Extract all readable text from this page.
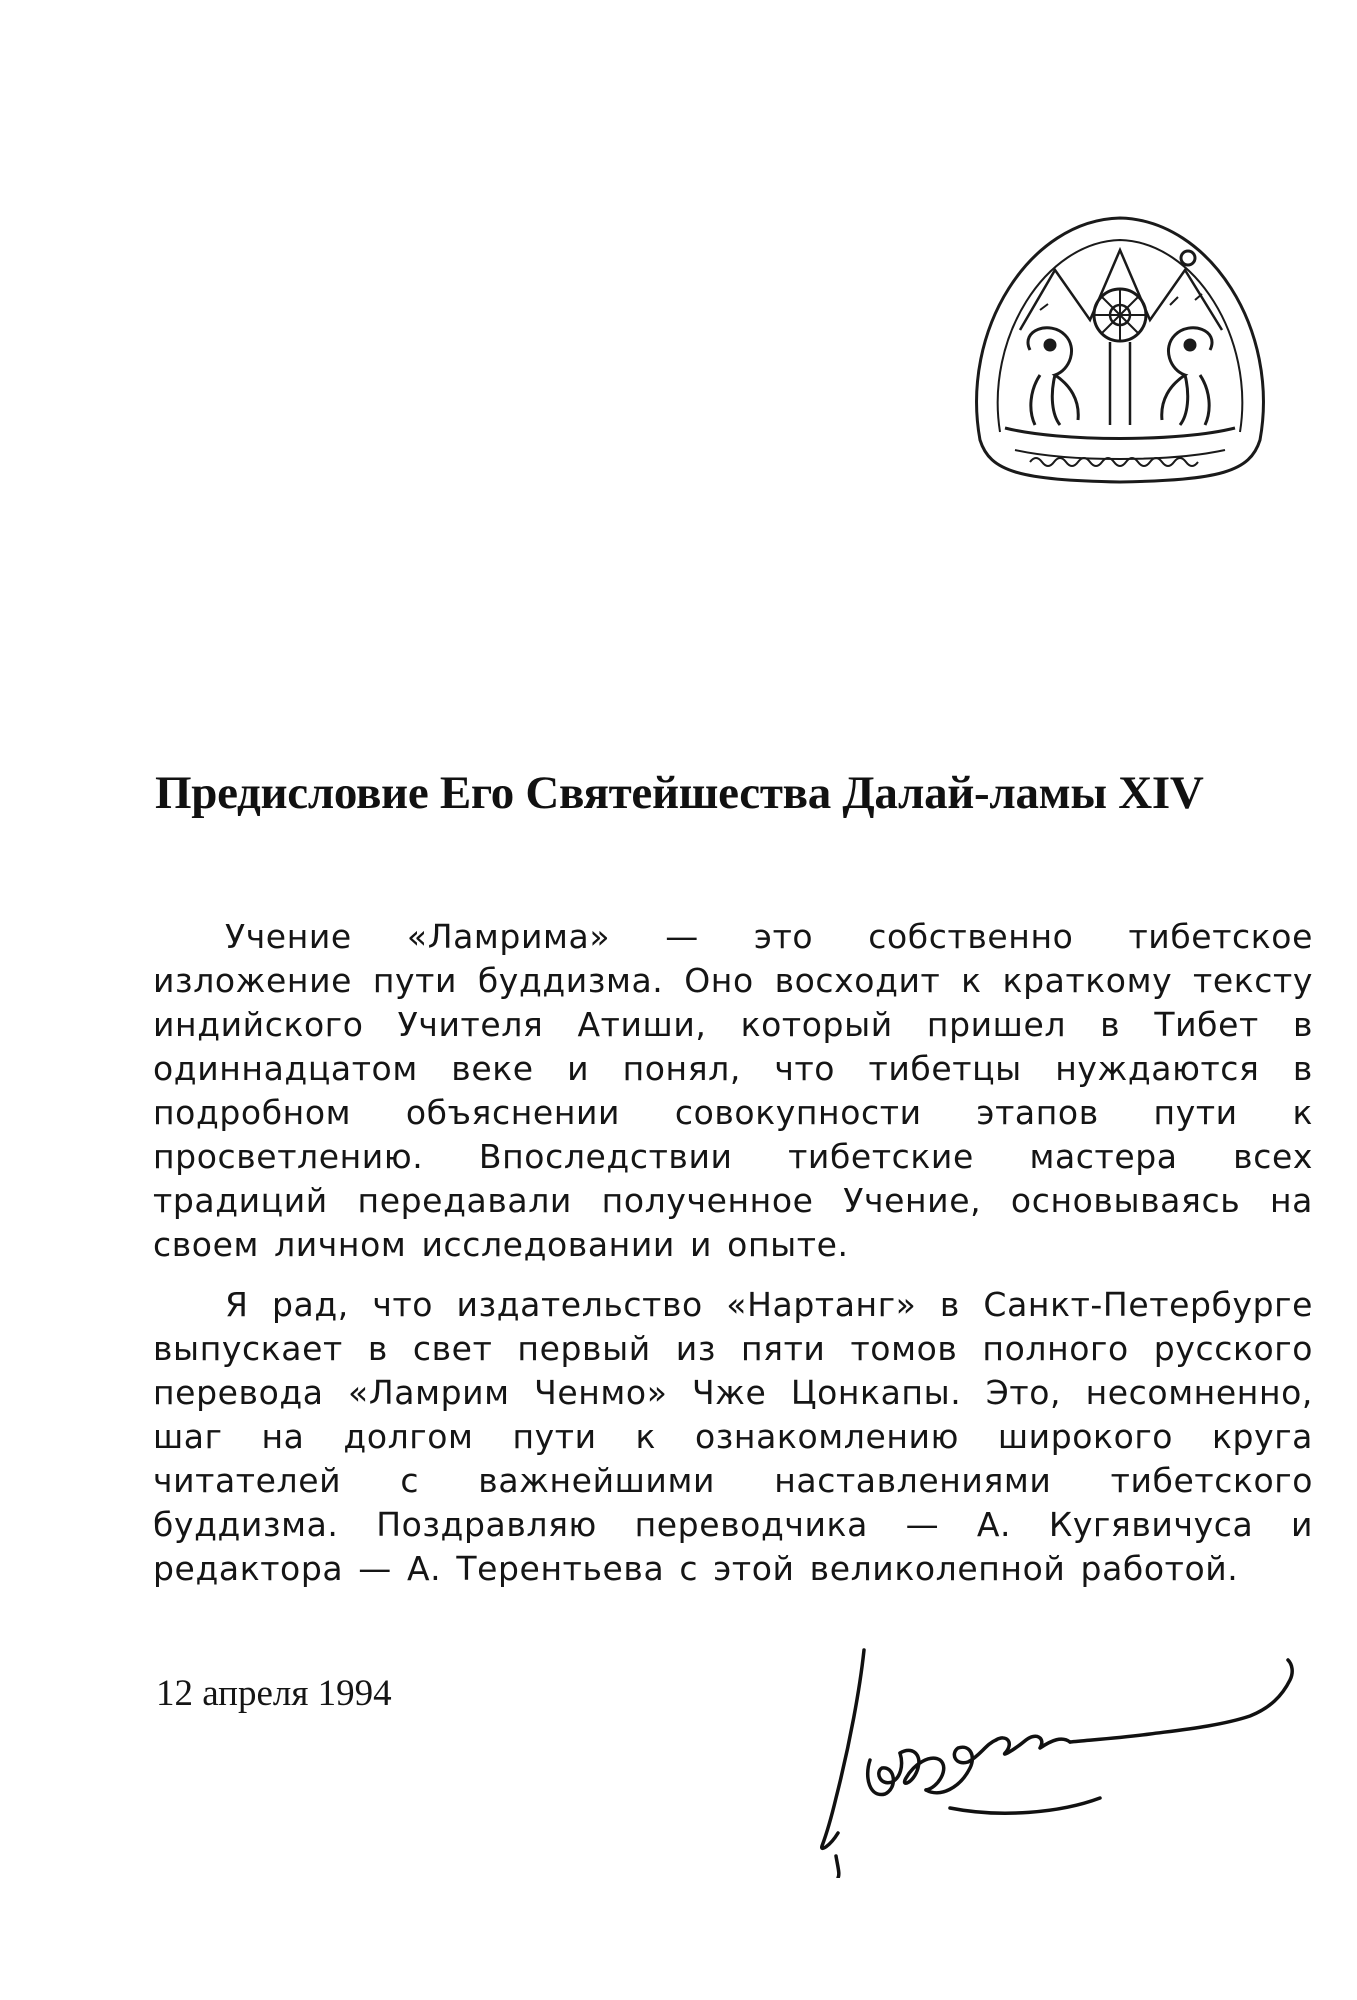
Предисловие Его Святейшества Далай-ламы XIV

Учение «Ламрима» — это собственно тибетское изложение пути буддизма. Оно восходит к краткому тексту индийского Учителя Атиши, который пришел в Тибет в одиннадцатом веке и понял, что тибетцы нуждаются в подробном объяснении совокупности этапов пути к просветлению. Впоследствии тибетские мастера всех традиций передавали полученное Учение, основываясь на своем личном исследовании и опыте.

Я рад, что издательство «Нартанг» в Санкт-Петербурге выпускает в свет первый из пяти томов полного русского перевода «Ламрим Ченмо» Чже Цонкапы. Это, несомненно, шаг на долгом пути к ознакомлению широкого круга читателей с важнейшими наставлениями тибетского буддизма. Поздравляю переводчика — А. Кугявичуса и редактора — А. Терентьева с этой великолепной работой.

12 апреля 1994
